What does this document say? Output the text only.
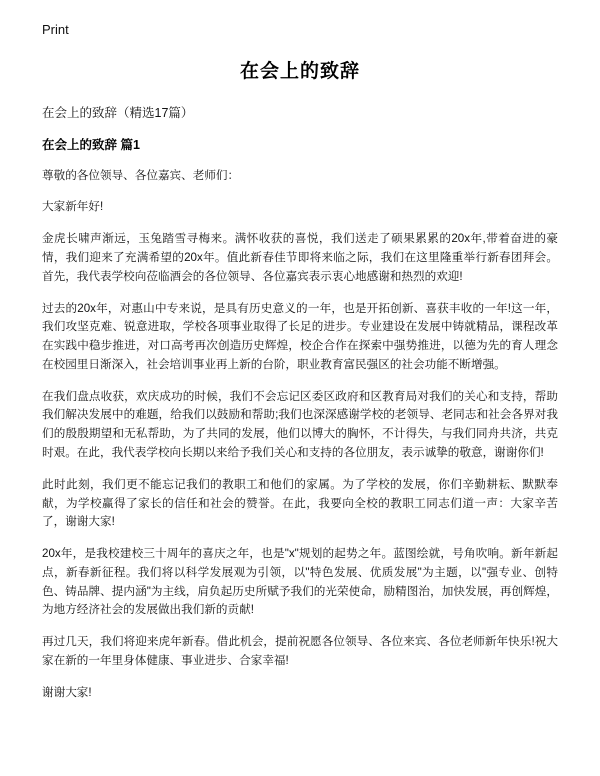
Print
在会上的致辞
在会上的致辞（精选17篇）
在会上的致辞 篇1

尊敬的各位领导、各位嘉宾、老师们：

大家新年好!

金虎长啸声渐远，玉兔踏雪寻梅来。满怀收获的喜悦，我们送走了硕果累累的20x年,带着奋进的豪情，我们迎来了充满希望的20x年。值此新春佳节即将来临之际，我们在这里隆重举行新春团拜会。首先，我代表学校向莅临酒会的各位领导、各位嘉宾表示衷心地感谢和热烈的欢迎!

过去的20x年，对惠山中专来说，是具有历史意义的一年，也是开拓创新、喜获丰收的一年!这一年，我们攻坚克难、锐意进取，学校各项事业取得了长足的进步。专业建设在发展中铸就精品，课程改革在实践中稳步推进，对口高考再次创造历史辉煌，校企合作在探索中强势推进，以德为先的育人理念在校园里日渐深入，社会培训事业再上新的台阶，职业教育富民强区的社会功能不断增强。

在我们盘点收获，欢庆成功的时候，我们不会忘记区委区政府和区教育局对我们的关心和支持，帮助我们解决发展中的难题，给我们以鼓励和帮助;我们也深深感谢学校的老领导、老同志和社会各界对我们的殷殷期望和无私帮助，为了共同的发展，他们以博大的胸怀，不计得失，与我们同舟共济，共克时艰。在此，我代表学校向长期以来给予我们关心和支持的各位朋友，表示诚挚的敬意，谢谢你们!

此时此刻，我们更不能忘记我们的教职工和他们的家属。为了学校的发展，你们辛勤耕耘、默默奉献，为学校赢得了家长的信任和社会的赞誉。在此，我要向全校的教职工同志们道一声：大家辛苦了，谢谢大家!

20x年，是我校建校三十周年的喜庆之年，也是"x"规划的起势之年。蓝图绘就，号角吹响。新年新起点，新春新征程。我们将以科学发展观为引领，以"特色发展、优质发展"为主题，以"强专业、创特色、铸品牌、提内涵"为主线，肩负起历史所赋予我们的光荣使命，励精图治，加快发展，再创辉煌，为地方经济社会的发展做出我们新的贡献!

再过几天，我们将迎来虎年新春。借此机会，提前祝愿各位领导、各位来宾、各位老师新年快乐!祝大家在新的一年里身体健康、事业进步、合家幸福!

谢谢大家!
